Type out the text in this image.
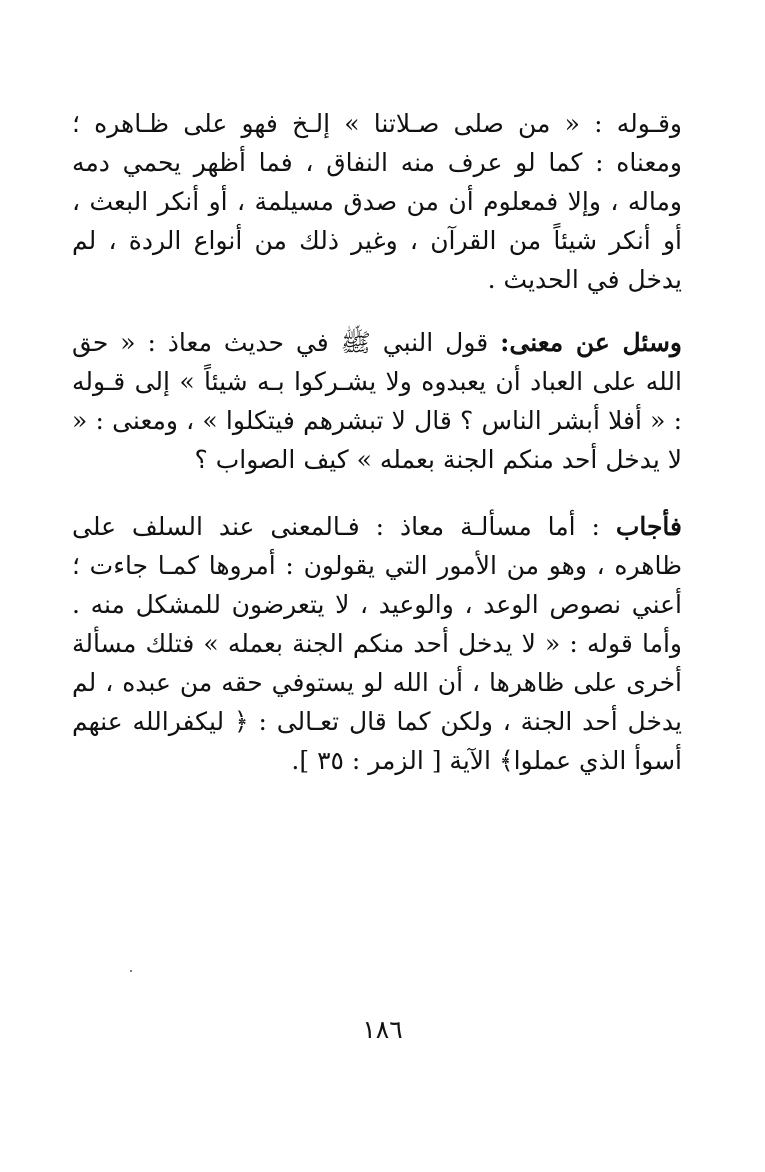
وقـوله : « من صلى صـلاتنا » إلـخ فهو على ظـاهره ؛ ومعناه : كما لو عرف منه النفاق ، فما أظهر يحمي دمه وماله ، وإلا فمعلوم أن من صدق مسيلمة ، أو أنكر البعث ، أو أنكر شيئاً من القرآن ، وغير ذلك من أنواع الردة ، لم يدخل في الحديث .
وسئل عن معنى: قول النبي ﷺ في حديث معاذ : « حق الله على العباد أن يعبدوه ولا يشـركوا بـه شيئاً » إلى قـوله : « أفلا أبشر الناس ؟ قال لا تبشرهم فيتكلوا » ، ومعنى : « لا يدخل أحد منكم الجنة بعمله » كيف الصواب ؟
فأجاب : أما مسألـة معاذ : فـالمعنى عند السلف على ظاهره ، وهو من الأمور التي يقولون : أمروها كمـا جاءت ؛ أعني نصوص الوعد ، والوعيد ، لا يتعرضون للمشكل منه . وأما قوله : « لا يدخل أحد منكم الجنة بعمله » فتلك مسألة أخرى على ظاهرها ، أن الله لو يستوفي حقه من عبده ، لم يدخل أحد الجنة ، ولكن كما قال تعـالى : ﴿ ليكفرالله عنهم أسوأ الذي عملوا﴾ الآية [ الزمر : ٣٥ ].
١٨٦
